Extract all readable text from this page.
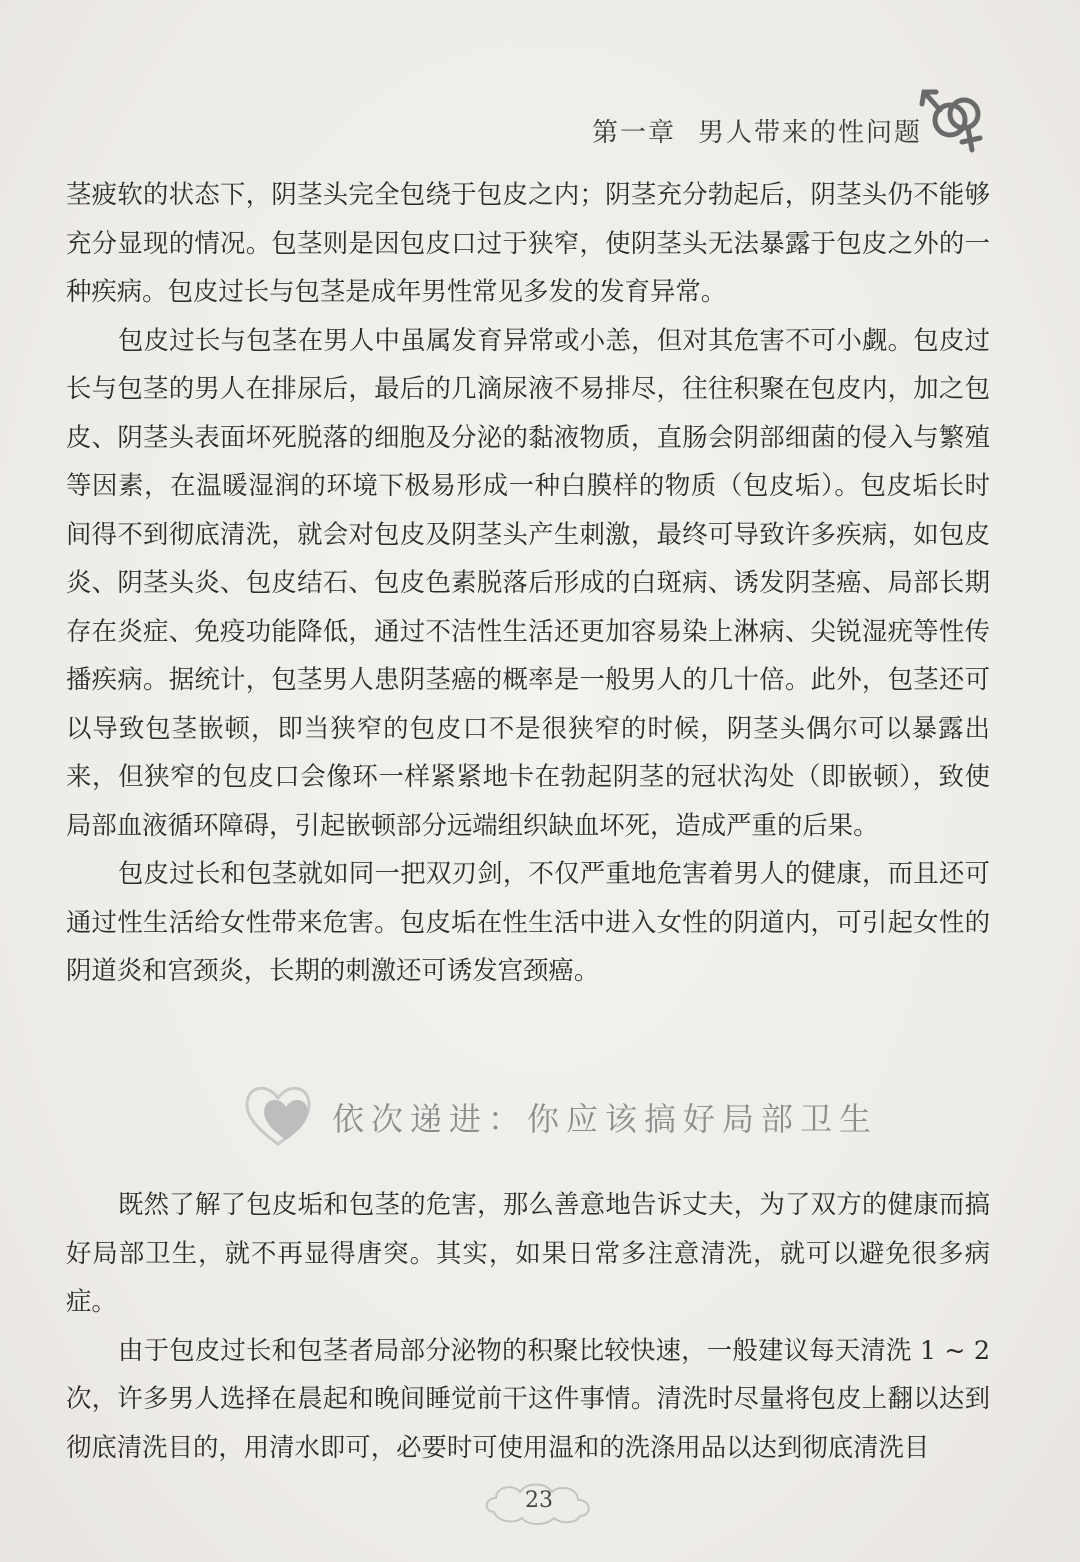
第一章 男人带来的性问题

茎疲软的状态下，阴茎头完全包绕于包皮之内；阴茎充分勃起后，阴茎头仍不能够充分显现的情况。包茎则是因包皮口过于狭窄，使阴茎头无法暴露于包皮之外的一种疾病。包皮过长与包茎是成年男性常见多发的发育异常。

包皮过长与包茎在男人中虽属发育异常或小恙，但对其危害不可小觑。包皮过长与包茎的男人在排尿后，最后的几滴尿液不易排尽，往往积聚在包皮内，加之包皮、阴茎头表面坏死脱落的细胞及分泌的黏液物质，直肠会阴部细菌的侵入与繁殖等因素，在温暖湿润的环境下极易形成一种白膜样的物质（包皮垢）。包皮垢长时间得不到彻底清洗，就会对包皮及阴茎头产生刺激，最终可导致许多疾病，如包皮炎、阴茎头炎、包皮结石、包皮色素脱落后形成的白斑病、诱发阴茎癌、局部长期存在炎症、免疫功能降低，通过不洁性生活还更加容易染上淋病、尖锐湿疣等性传播疾病。据统计，包茎男人患阴茎癌的概率是一般男人的几十倍。此外，包茎还可以导致包茎嵌顿，即当狭窄的包皮口不是很狭窄的时候，阴茎头偶尔可以暴露出来，但狭窄的包皮口会像环一样紧紧地卡在勃起阴茎的冠状沟处（即嵌顿），致使局部血液循环障碍，引起嵌顿部分远端组织缺血坏死，造成严重的后果。

包皮过长和包茎就如同一把双刃剑，不仅严重地危害着男人的健康，而且还可通过性生活给女性带来危害。包皮垢在性生活中进入女性的阴道内，可引起女性的阴道炎和宫颈炎，长期的刺激还可诱发宫颈癌。

依次递进：你应该搞好局部卫生

既然了解了包皮垢和包茎的危害，那么善意地告诉丈夫，为了双方的健康而搞好局部卫生，就不再显得唐突。其实，如果日常多注意清洗，就可以避免很多病症。

由于包皮过长和包茎者局部分泌物的积聚比较快速，一般建议每天清洗 1 ~ 2 次，许多男人选择在晨起和晚间睡觉前干这件事情。清洗时尽量将包皮上翻以达到彻底清洗目的，用清水即可，必要时可使用温和的洗涤用品以达到彻底清洗目

23
